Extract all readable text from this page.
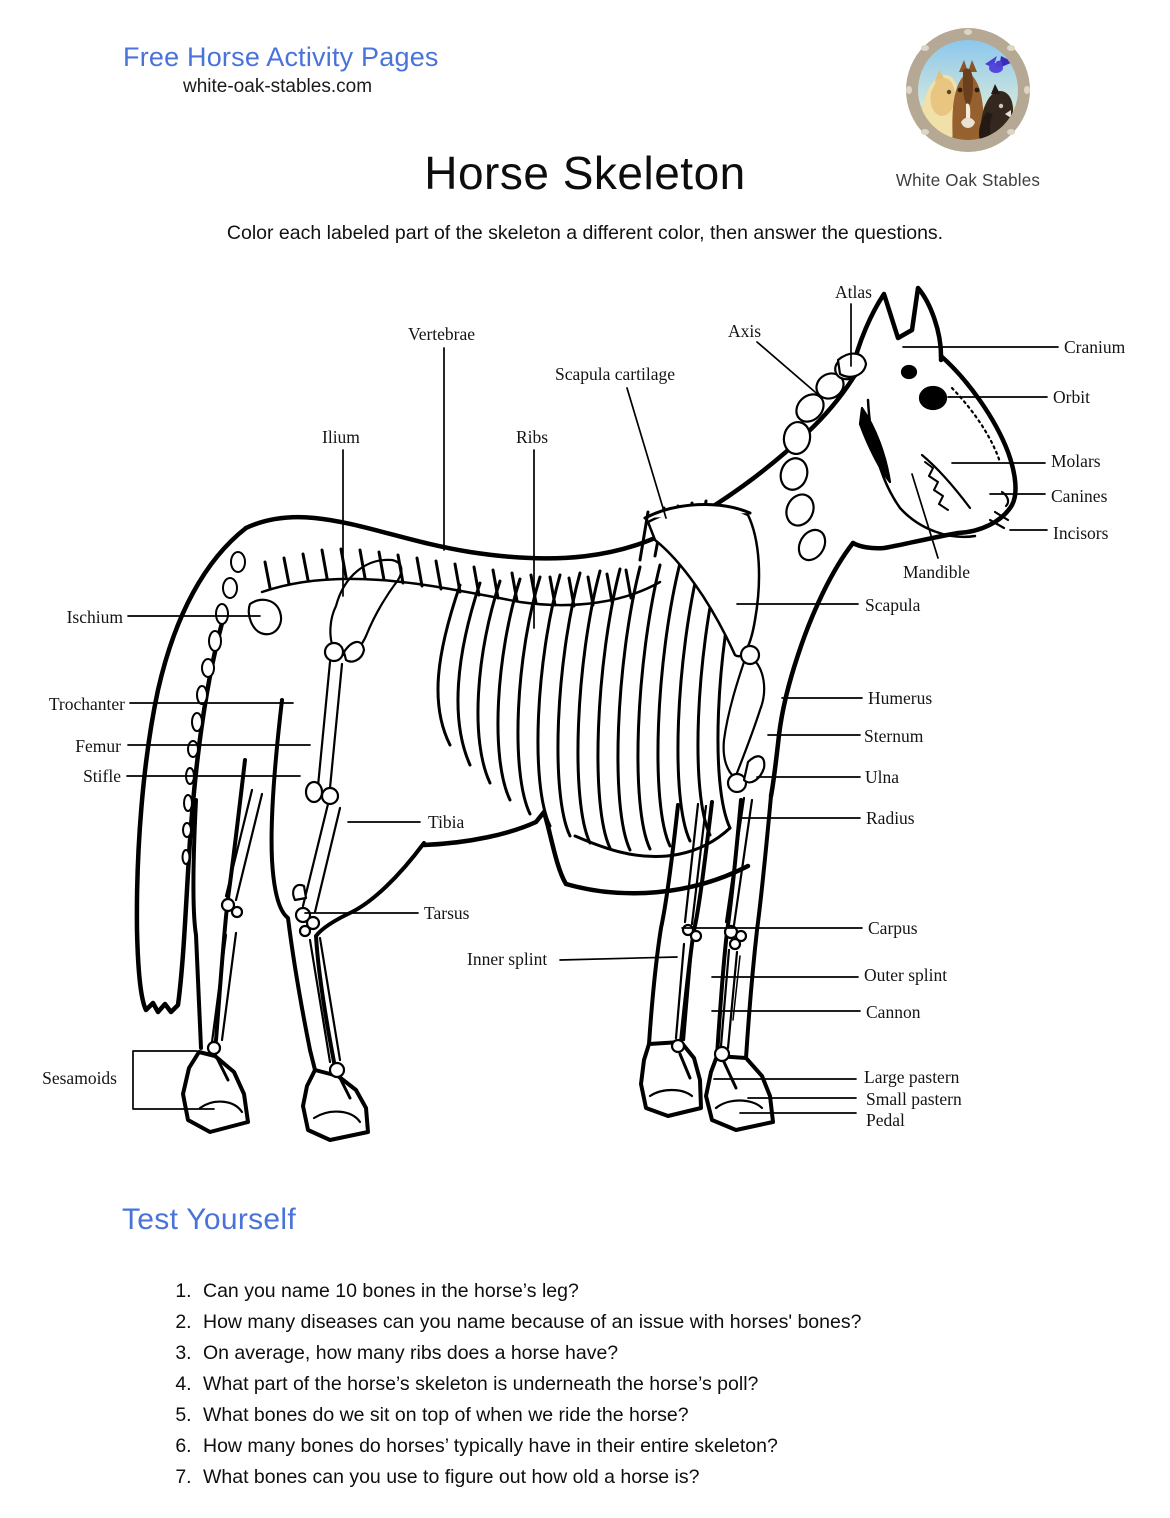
Free Horse Activity Pages
white-oak-stables.com
White Oak Stables
Horse Skeleton
Color each labeled part of the skeleton a different color, then answer the questions.
Atlas
Vertebrae	Axis
Cranium
Scapula cartilage
Orbit
Ilium	Ribs
Molars
Canines
Incisors
Mandible
Scapula
Ischium
Humerus
Trochanter
Sternum
Femur
Ulna
Stifle
Radius
Tibia
Tarsus
Carpus
Inner splint
Outer splint
Cannon
Sesamoids	Large pastern
Small pastern
Pedal
Test Yourself
1. Can you name 10 bones in the horse’s leg?
2. How many diseases can you name because of an issue with horses' bones?
3. On average, how many ribs does a horse have?
4. What part of the horse’s skeleton is underneath the horse’s poll?
5. What bones do we sit on top of when we ride the horse?
6. How many bones do horses’ typically have in their entire skeleton?
7. What bones can you use to figure out how old a horse is?
